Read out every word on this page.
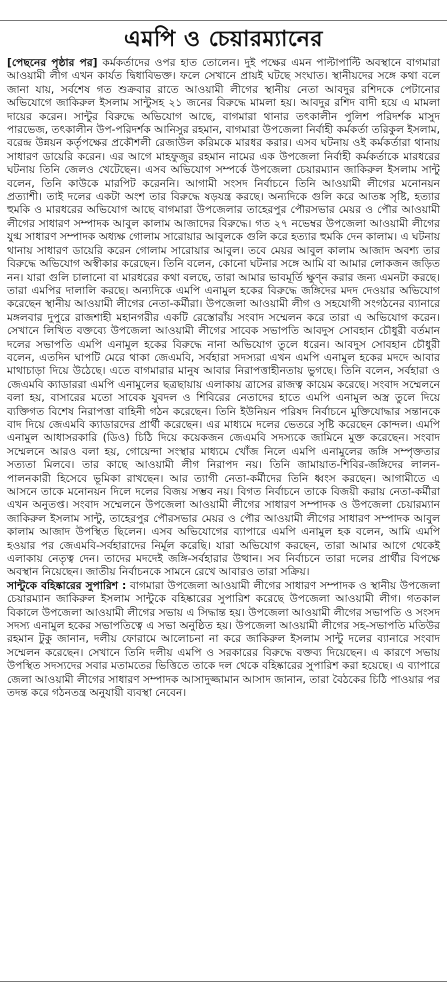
এমপি ও চেয়ারম্যানের

[পেছনের পৃষ্ঠার পর] কর্মকর্তাদের ওপর হাত তোলেন। দুই পক্ষের এমন পাল্টাপাল্টি অবস্থানে বাগমারা আওয়ামী লীগ এখন কার্যত দ্বিধাবিভক্ত। ফলে সেখানে প্রায়ই ঘটছে সংঘাত। স্থানীয়দের সঙ্গে কথা বলে জানা যায়, সর্বশেষ গত শুক্রবার রাতে আওয়ামী লীগের স্থানীয় নেতা আবদুর রশিদকে পেটানোর অভিযোগে জাকিরুল ইসলাম সান্টুসহ ২১ জনের বিরুদ্ধে মামলা হয়। আবদুর রশিদ বাদী হয়ে এ মামলা দায়ের করেন। সান্টুর বিরুদ্ধে অভিযোগ আছে, বাগমারা থানার তৎকালীন পুলিশ পরিদর্শক মাসুদ পারভেজ, তৎকালীন উপ-পরিদর্শক আনিসুর রহমান, বাগমারা উপজেলা নির্বাহী কর্মকর্তা তরিকুল ইসলাম, বরেন্দ্র উন্নয়ন কর্তৃপক্ষের প্রকৌশলী রেজাউল করিমকে মারধর করার। এসব ঘটনায় ওই কর্মকর্তারা থানায় সাধারণ ডায়েরি করেন। এর আগে মাহফুজুর রহমান নামের এক উপজেলা নির্বাহী কর্মকর্তাকে মারধরের ঘটনায় তিনি জেলও খেটেছেন। এসব অভিযোগ সম্পর্কে উপজেলা চেয়ারম্যান জাকিরুল ইসলাম সান্টু বলেন, তিনি কাউকে মারপিট করেননি। আগামী সংসদ নির্বাচনে তিনি আওয়ামী লীগের মনোনয়ন প্রত্যাশী। তাই দলের একটা অংশ তার বিরুদ্ধে ষড়যন্ত্র করছে। অন্যদিকে গুলি করে আতঙ্ক সৃষ্টি, হত্যার হুমকি ও মারধরের অভিযোগ আছে বাগমারা উপজেলার তাহেরপুর পৌরসভার মেয়র ও পৌর আওয়ামী লীগের সাধারণ সম্পাদক আবুল কালাম আজাদের বিরুদ্ধে। গত ২৭ নভেম্বর উপজেলা আওয়ামী লীগের যুগ্ম সাধারণ সম্পাদক অধ্যক্ষ গোলাম সারোয়ার আবুলকে গুলি করে হত্যার হুমকি দেন কালাম। এ ঘটনায় থানায় সাধারণ ডায়েরি করেন গোলাম সারোয়ার আবুল। তবে মেয়র আবুল কালাম আজাদ অবশ্য তার বিরুদ্ধে অভিযোগ অস্বীকার করেছেন। তিনি বলেন, কোনো ঘটনার সঙ্গে আমি বা আমার লোকজন জড়িত নন। যারা গুলি চালানো বা মারধরের কথা বলছে, তারা আমার ভাবমূর্তি ক্ষুণ্ন করার জন্য এমনটা করছে। তারা এমপির দালালি করছে। অন্যদিকে এমপি এনামুল হকের বিরুদ্ধে জঙ্গিদের মদদ দেওয়ার অভিযোগ করেছেন স্থানীয় আওয়ামী লীগের নেতা-কর্মীরা। উপজেলা আওয়ামী লীগ ও সহযোগী সংগঠনের ব্যানারে মঙ্গলবার দুপুরে রাজশাহী মহানগরীর একটি রেস্তোরাঁয় সংবাদ সম্মেলন করে তারা এ অভিযোগ করেন। সেখানে লিখিত বক্তব্যে উপজেলা আওয়ামী লীগের সাবেক সভাপতি আবদুস সোবহান চৌধুরী বর্তমান দলের সভাপতি এমপি এনামুল হকের বিরুদ্ধে নানা অভিযোগ তুলে ধরেন। আবদুস সোবহান চৌধুরী বলেন, এতদিন ঘাপটি মেরে থাকা জেএমবি, সর্বহারা সদস্যরা এখন এমপি এনামুল হকের মদদে আবার মাথাচাড়া দিয়ে উঠেছে। এতে বাগমারার মানুষ আবার নিরাপত্তাহীনতায় ভুগছে। তিনি বলেন, সর্বহারা ও জেএমবি ক্যাডাররা এমপি এনামুলের ছত্রছায়ায় এলাকায় ত্রাসের রাজত্ব কায়েম করেছে। সংবাদ সম্মেলনে বলা হয়, বাসারের মতো সাবেক যুবদল ও শিবিরের নেতাদের হাতে এমপি এনামুল অস্ত্র তুলে দিয়ে ব্যক্তিগত বিশেষ নিরাপত্তা বাহিনী গঠন করেছেন। তিনি ইউনিয়ন পরিষদ নির্বাচনে মুক্তিযোদ্ধার সন্তানকে বাদ দিয়ে জেএমবি ক্যাডারদের প্রার্থী করেছেন। এর মাধ্যমে দলের ভেতরে সৃষ্টি করেছেন কোন্দল। এমপি এনামুল আধাসরকারি (ডিও) চিঠি দিয়ে কয়েকজন জেএমবি সদস্যকে জামিনে মুক্ত করেছেন। সংবাদ সম্মেলনে আরও বলা হয়, গোয়েন্দা সংস্থার মাধ্যমে খোঁজ নিলে এমপি এনামুলের জঙ্গি সম্পৃক্ততার সত্যতা মিলবে। তার কাছে আওয়ামী লীগ নিরাপদ নয়। তিনি জামায়াত-শিবির-জঙ্গিদের লালন-পালনকারী হিসেবে ভূমিকা রাখছেন। আর ত্যাগী নেতা-কর্মীদের তিনি ধ্বংস করছেন। আগামীতে এ আসনে তাকে মনোনয়ন দিলে দলের বিজয় সম্ভব নয়। বিগত নির্বাচনে তাকে বিজয়ী করায় নেতা-কর্মীরা এখন অনুতপ্ত। সংবাদ সম্মেলনে উপজেলা আওয়ামী লীগের সাধারণ সম্পাদক ও উপজেলা চেয়ারম্যান জাকিরুল ইসলাম সান্টু, তাহেরপুর পৌরসভার মেয়র ও পৌর আওয়ামী লীগের সাধারণ সম্পাদক আবুল কালাম আজাদ উপস্থিত ছিলেন। এসব অভিযোগের ব্যাপারে এমপি এনামুল হক বলেন, আমি এমপি হওয়ার পর জেএমবি-সর্বহারাদের নির্মূল করেছি। যারা অভিযোগ করছেন, তারা আমার আগে থেকেই এলাকায় নেতৃত্ব দেন। তাদের মদদেই জঙ্গি-সর্বহারার উত্থান। সব নির্বাচনে তারা দলের প্রার্থীর বিপক্ষে অবস্থান নিয়েছেন। জাতীয় নির্বাচনকে সামনে রেখে আবারও তারা সক্রিয়।

সান্টুকে বহিষ্কারের সুপারিশ : বাগমারা উপজেলা আওয়ামী লীগের সাধারণ সম্পাদক ও স্থানীয় উপজেলা চেয়ারম্যান জাকিরুল ইসলাম সান্টুকে বহিষ্কারের সুপারিশ করেছে উপজেলা আওয়ামী লীগ। গতকাল বিকালে উপজেলা আওয়ামী লীগের সভায় এ সিদ্ধান্ত হয়। উপজেলা আওয়ামী লীগের সভাপতি ও সংসদ সদস্য এনামুল হকের সভাপতিত্বে এ সভা অনুষ্ঠিত হয়। উপজেলা আওয়ামী লীগের সহ-সভাপতি মতিউর রহমান টুকু জানান, দলীয় ফোরামে আলোচনা না করে জাকিরুল ইসলাম সান্টু দলের ব্যানারে সংবাদ সম্মেলন করেছেন। সেখানে তিনি দলীয় এমপি ও সরকারের বিরুদ্ধে বক্তব্য দিয়েছেন। এ কারণে সভায় উপস্থিত সদস্যদের সবার মতামতের ভিত্তিতে তাকে দল থেকে বহিষ্কারের সুপারিশ করা হয়েছে। এ ব্যাপারে জেলা আওয়ামী লীগের সাধারণ সম্পাদক আসাদুজ্জামান আসাদ জানান, তারা বৈঠকের চিঠি পাওয়ার পর তদন্ত করে গঠনতন্ত্র অনুযায়ী ব্যবস্থা নেবেন।
